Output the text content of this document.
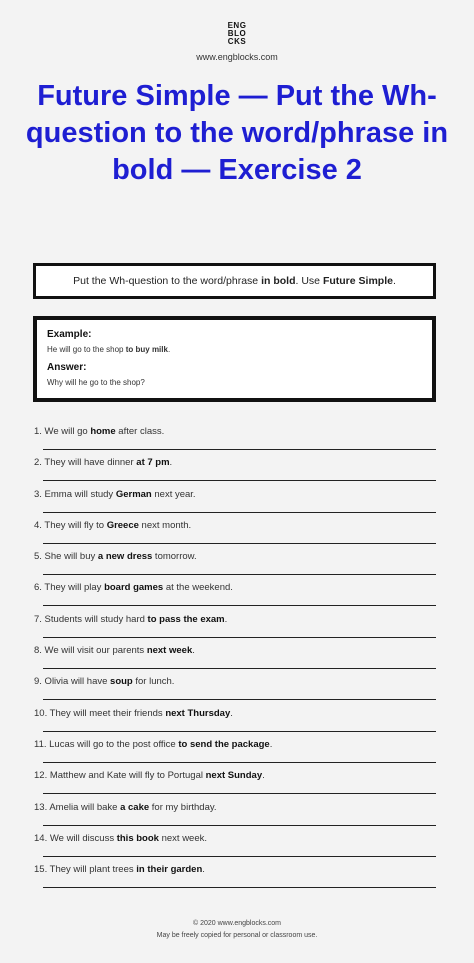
ENG
BLO
CKS
www.engblocks.com
Future Simple — Put the Wh-question to the word/phrase in bold — Exercise 2
Put the Wh-question to the word/phrase in bold. Use Future Simple.
Example:
He will go to the shop to buy milk.
Answer:
Why will he go to the shop?
1. We will go home after class.
2. They will have dinner at 7 pm.
3. Emma will study German next year.
4. They will fly to Greece next month.
5. She will buy a new dress tomorrow.
6. They will play board games at the weekend.
7. Students will study hard to pass the exam.
8. We will visit our parents next week.
9. Olivia will have soup for lunch.
10. They will meet their friends next Thursday.
11. Lucas will go to the post office to send the package.
12. Matthew and Kate will fly to Portugal next Sunday.
13. Amelia will bake a cake for my birthday.
14. We will discuss this book next week.
15. They will plant trees in their garden.
© 2020 www.engblocks.com
May be freely copied for personal or classroom use.
